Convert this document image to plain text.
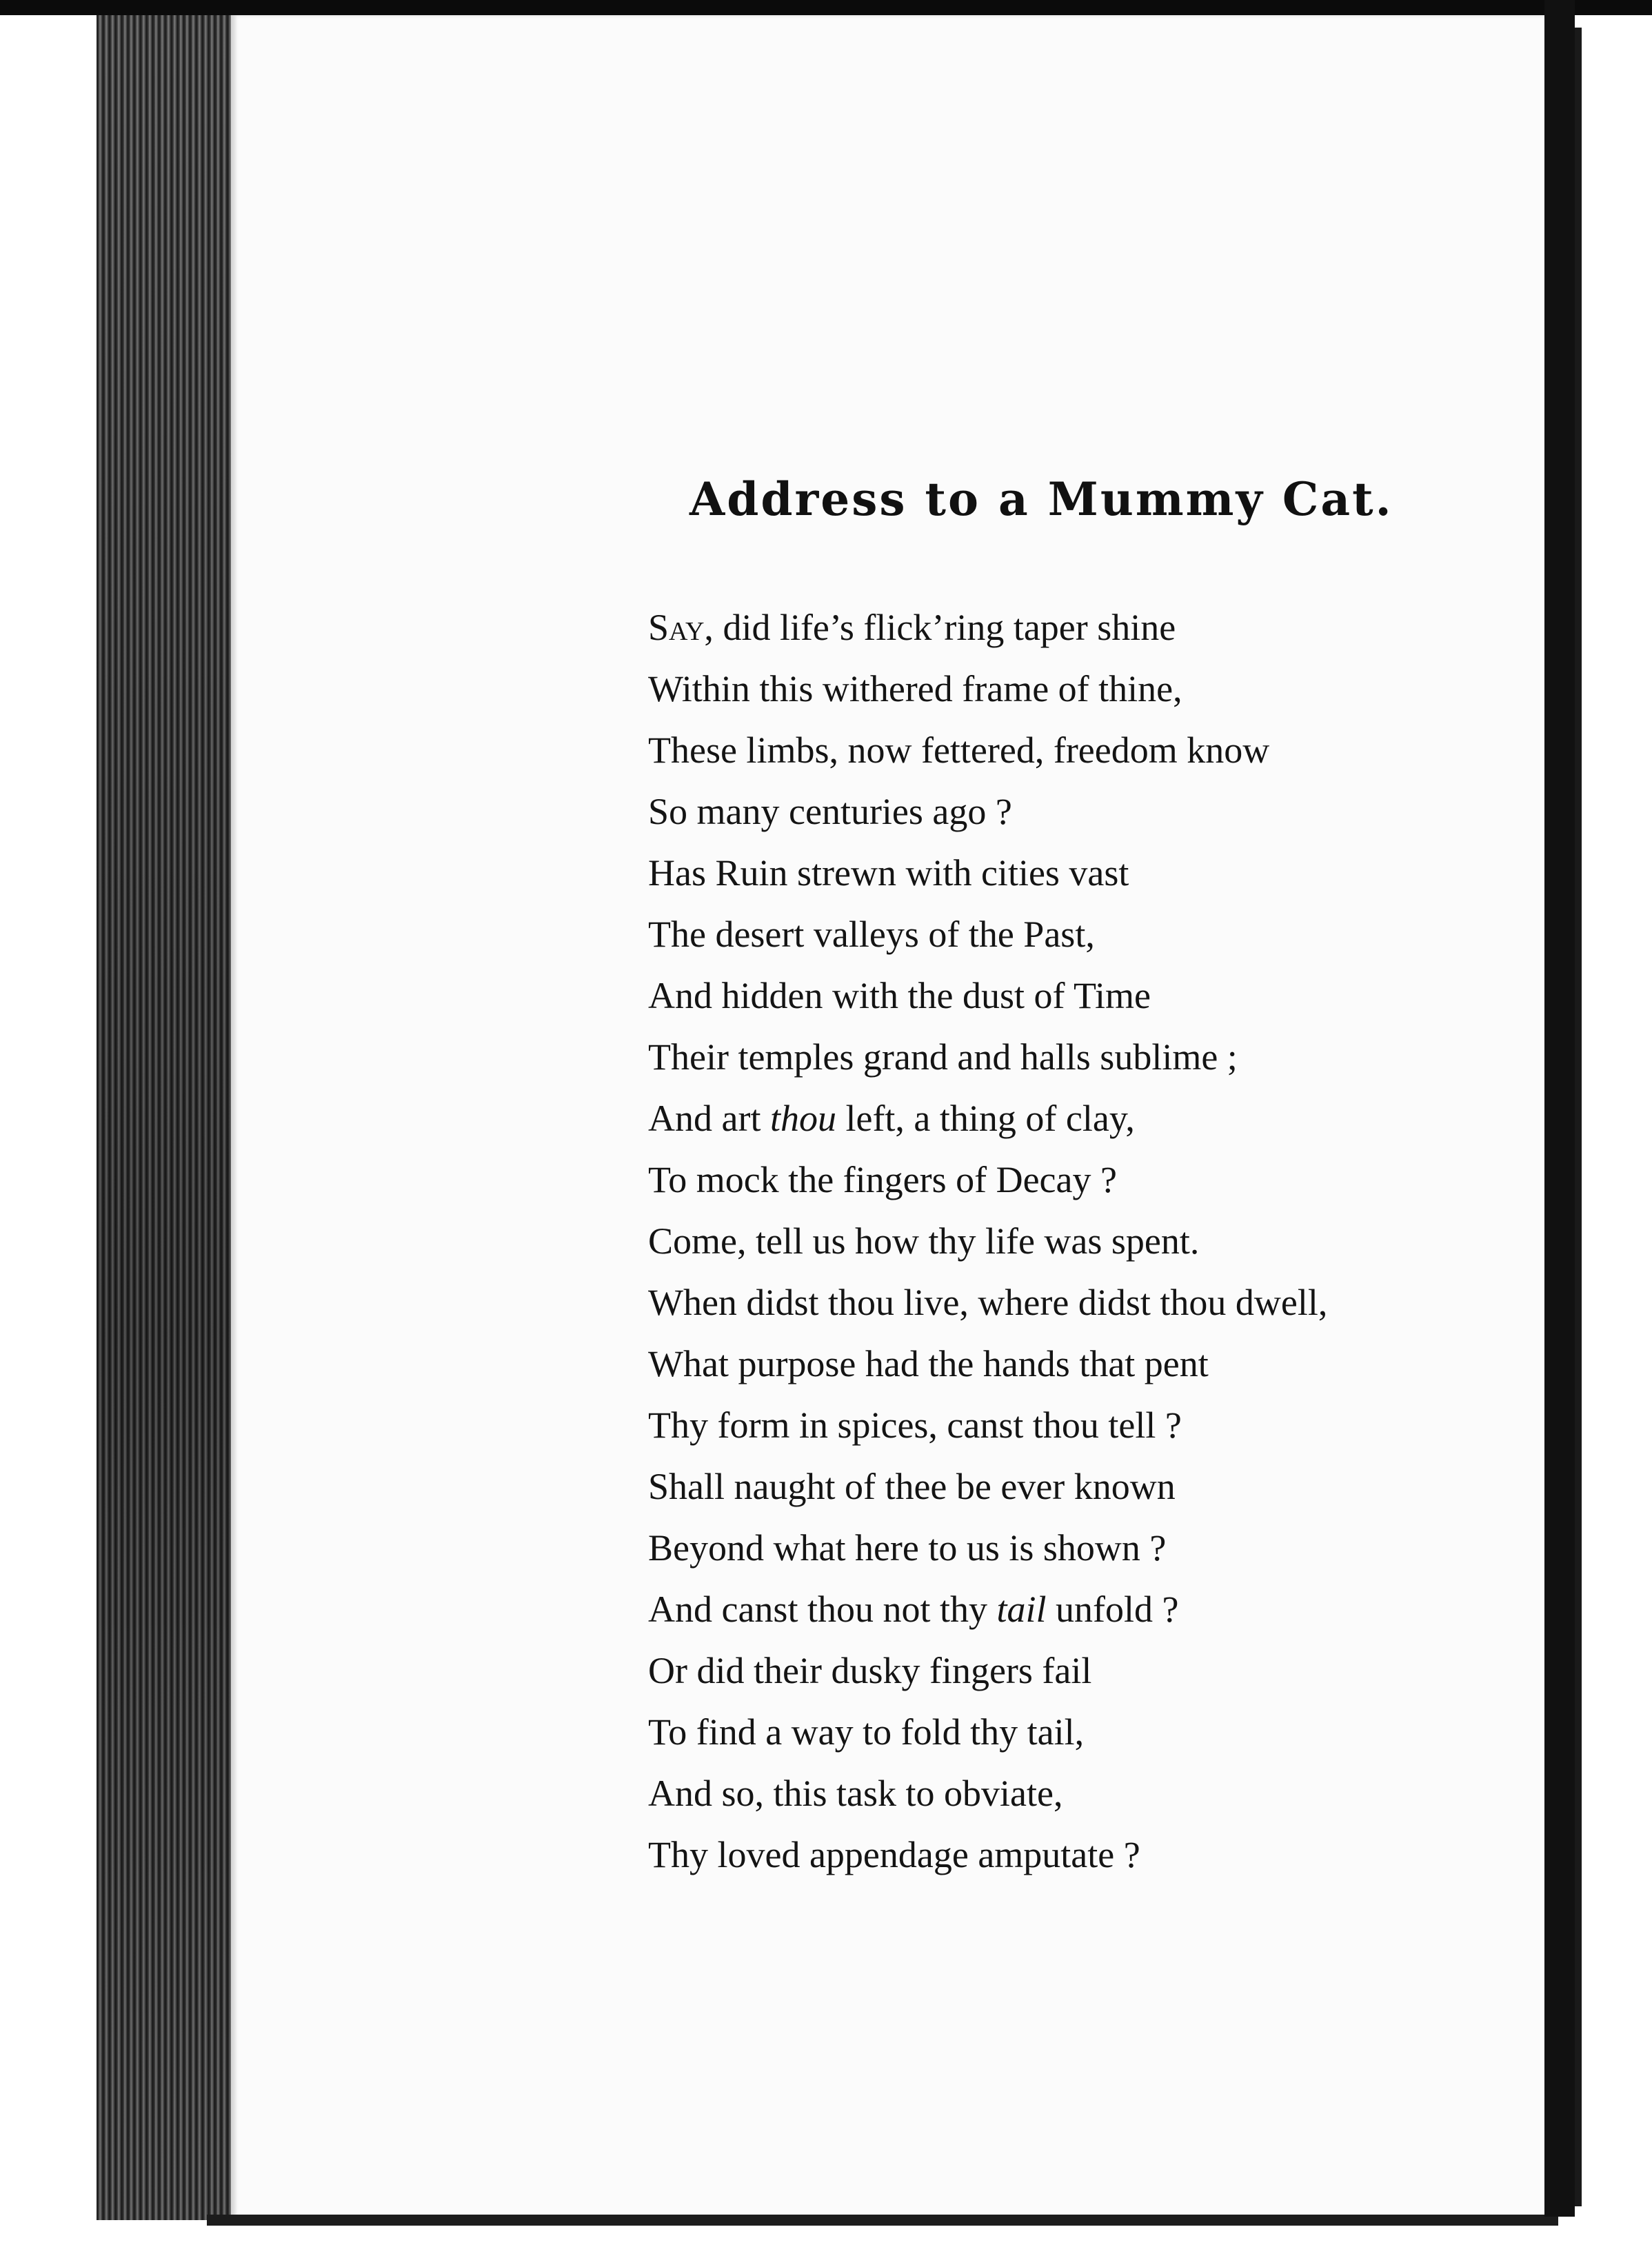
Address to a Mummy Cat.
Say, did life’s flick’ring taper shine
Within this withered frame of thine,
These limbs, now fettered, freedom know
So many centuries ago ?
Has Ruin strewn with cities vast
The desert valleys of the Past,
And hidden with the dust of Time
Their temples grand and halls sublime ;
And art thou left, a thing of clay,
To mock the fingers of Decay ?
Come, tell us how thy life was spent.
When didst thou live, where didst thou dwell,
What purpose had the hands that pent
Thy form in spices, canst thou tell ?
Shall naught of thee be ever known
Beyond what here to us is shown ?
And canst thou not thy tail unfold ?
Or did their dusky fingers fail
To find a way to fold thy tail,
And so, this task to obviate,
Thy loved appendage amputate ?
